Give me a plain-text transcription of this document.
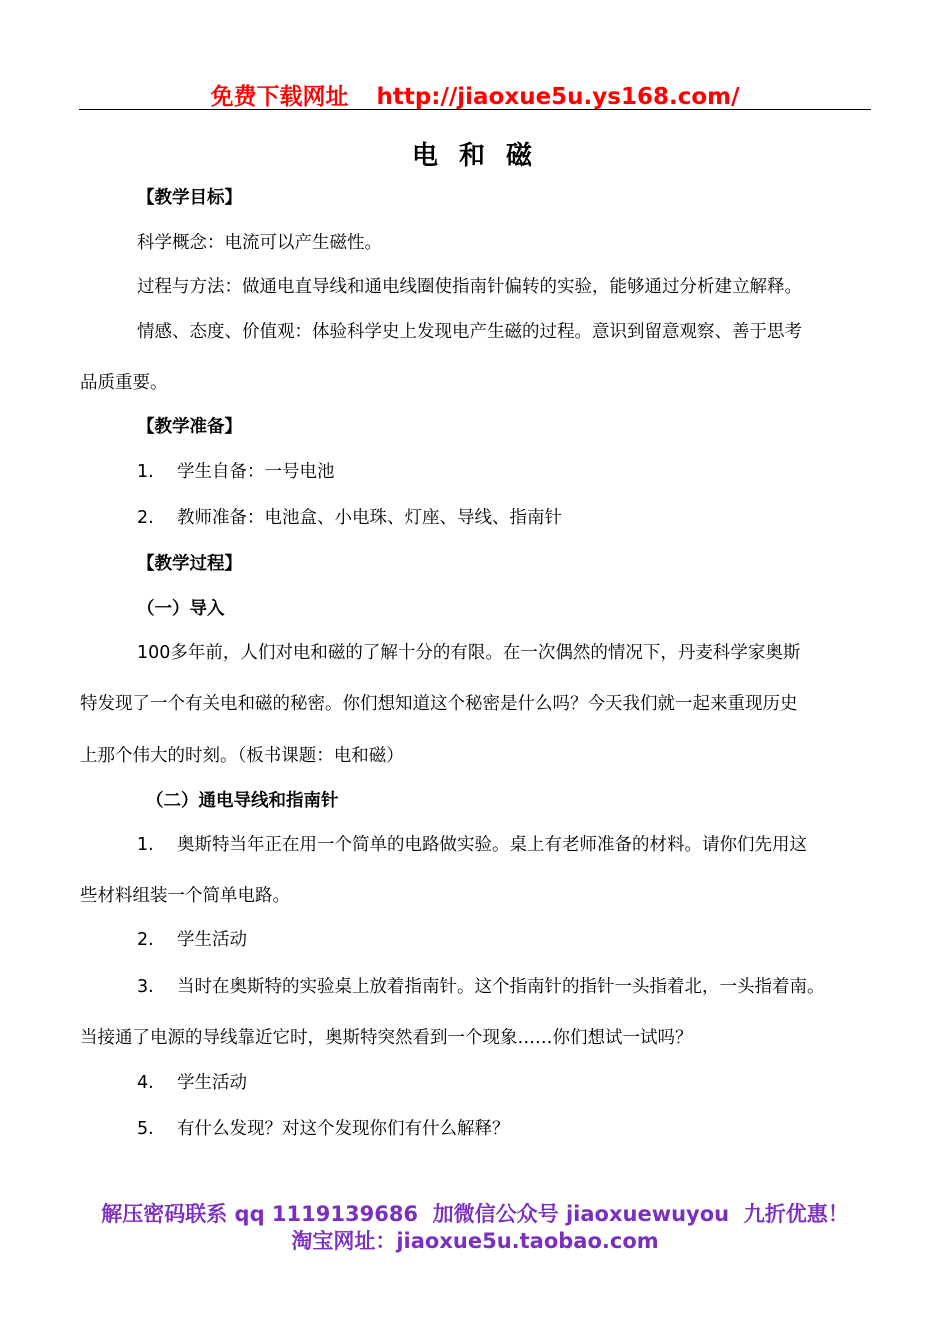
免费下载网址 http://jiaoxue5u.ys168.com/
电 和 磁
【教学目标】
科学概念：电流可以产生磁性。
过程与方法：做通电直导线和通电线圈使指南针偏转的实验，能够通过分析建立解释。
情感、态度、价值观：体验科学史上发现电产生磁的过程。意识到留意观察、善于思考
品质重要。
【教学准备】
1. 学生自备：一号电池
2. 教师准备：电池盒、小电珠、灯座、导线、指南针
【教学过程】
（一）导入
100多年前，人们对电和磁的了解十分的有限。在一次偶然的情况下，丹麦科学家奥斯
特发现了一个有关电和磁的秘密。你们想知道这个秘密是什么吗？今天我们就一起来重现历史
上那个伟大的时刻。（板书课题：电和磁）
（二）通电导线和指南针
1. 奥斯特当年正在用一个简单的电路做实验。桌上有老师准备的材料。请你们先用这
些材料组装一个简单电路。
2. 学生活动
3. 当时在奥斯特的实验桌上放着指南针。这个指南针的指针一头指着北，一头指着南。
当接通了电源的导线靠近它时，奥斯特突然看到一个现象……你们想试一试吗？
4. 学生活动
5. 有什么发现？对这个发现你们有什么解释？
解压密码联系 qq 1119139686  加微信公众号 jiaoxuewuyou  九折优惠！
淘宝网址：jiaoxue5u.taobao.com
